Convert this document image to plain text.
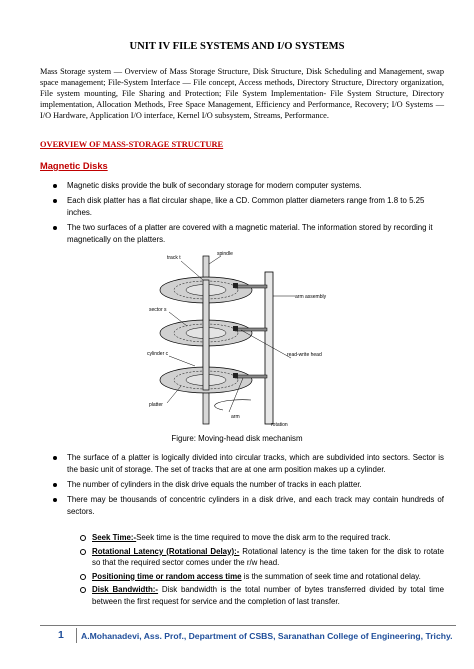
UNIT IV FILE SYSTEMS AND I/O SYSTEMS
Mass Storage system — Overview of Mass Storage Structure, Disk Structure, Disk Scheduling and Management, swap space management; File-System Interface — File concept, Access methods, Directory Structure, Directory organization, File system mounting, File Sharing and Protection; File System Implementation- File System Structure, Directory implementation, Allocation Methods, Free Space Management, Efficiency and Performance, Recovery; I/O Systems — I/O Hardware, Application I/O interface, Kernel I/O subsystem, Streams, Performance.
OVERVIEW OF MASS-STORAGE STRUCTURE
Magnetic Disks
Magnetic disks provide the bulk of secondary storage for modern computer systems.
Each disk platter has a flat circular shape, like a CD. Common platter diameters range from 1.8 to 5.25 inches.
The two surfaces of a platter are covered with a magnetic material. The information stored by recording it magnetically on the platters.
track t
spindle
arm assembly
sector s
cylinder c	read-write head
platter
arm
rotation
Figure: Moving-head disk mechanism
The surface of a platter is logically divided into circular tracks, which are subdivided into sectors. Sector is the basic unit of storage. The set of tracks that are at one arm position makes up a cylinder.
The number of cylinders in the disk drive equals the number of tracks in each platter.
There may be thousands of concentric cylinders in a disk drive, and each track may contain hundreds of sectors.
Seek Time:-Seek time is the time required to move the disk arm to the required track.
Rotational Latency (Rotational Delay):- Rotational latency is the time taken for the disk to rotate so that the required sector comes under the r/w head.
Positioning time or random access time is the summation of seek time and rotational delay.
Disk Bandwidth:- Disk bandwidth is the total number of bytes transferred divided by total time between the first request for service and the completion of last transfer.
1 A.Mohanadevi, Ass. Prof., Department of CSBS, Saranathan College of Engineering, Trichy.
